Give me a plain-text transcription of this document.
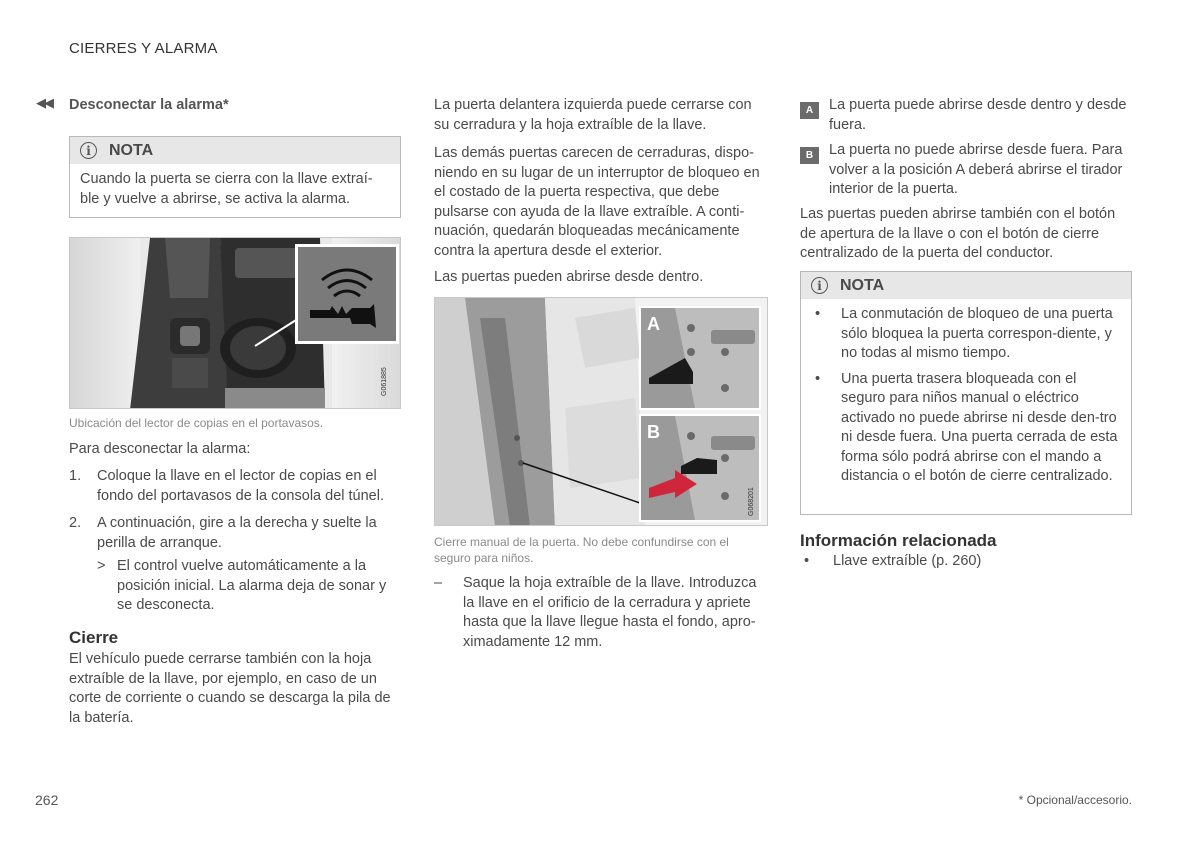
CIERRES Y ALARMA
◀◀ Desconectar la alarma*
i	NOTA
Cuando la puerta se cierra con la llave extraí-ble y vuelve a abrirse, se activa la alarma.
G061885
Ubicación del lector de copias en el portavasos.
Para desconectar la alarma:
1.	Coloque la llave en el lector de copias en el fondo del portavasos de la consola del túnel.
2.	A continuación, gire a la derecha y suelte la perilla de arranque.
> El control vuelve automáticamente a la posición inicial. La alarma deja de sonar y se desconecta.
Cierre
El vehículo puede cerrarse también con la hoja extraíble de la llave, por ejemplo, en caso de un corte de corriente o cuando se descarga la pila de la batería.
La puerta delantera izquierda puede cerrarse con su cerradura y la hoja extraíble de la llave.
Las demás puertas carecen de cerraduras, dispo-niendo en su lugar de un interruptor de bloqueo en el costado de la puerta respectiva, que debe pulsarse con ayuda de la llave extraíble. A conti-nuación, quedarán bloqueadas mecánicamente contra la apertura desde el exterior.
Las puertas pueden abrirse desde dentro.
A
B
G068201
Cierre manual de la puerta. No debe confundirse con el seguro para niños.
–	Saque la hoja extraíble de la llave. Introduzca la llave en el orificio de la cerradura y apriete hasta que la llave llegue hasta el fondo, apro-ximadamente 12 mm.
A	La puerta puede abrirse desde dentro y desde fuera.
B	La puerta no puede abrirse desde fuera. Para volver a la posición A deberá abrirse el tirador interior de la puerta.
Las puertas pueden abrirse también con el botón de apertura de la llave o con el botón de cierre centralizado de la puerta del conductor.
i	NOTA
•	La conmutación de bloqueo de una puerta sólo bloquea la puerta correspon-diente, y no todas al mismo tiempo.
•	Una puerta trasera bloqueada con el seguro para niños manual o eléctrico activado no puede abrirse ni desde den-tro ni desde fuera. Una puerta cerrada de esta forma sólo podrá abrirse con el mando a distancia o el botón de cierre centralizado.
Información relacionada
•	Llave extraíble (p. 260)
262	* Opcional/accesorio.
